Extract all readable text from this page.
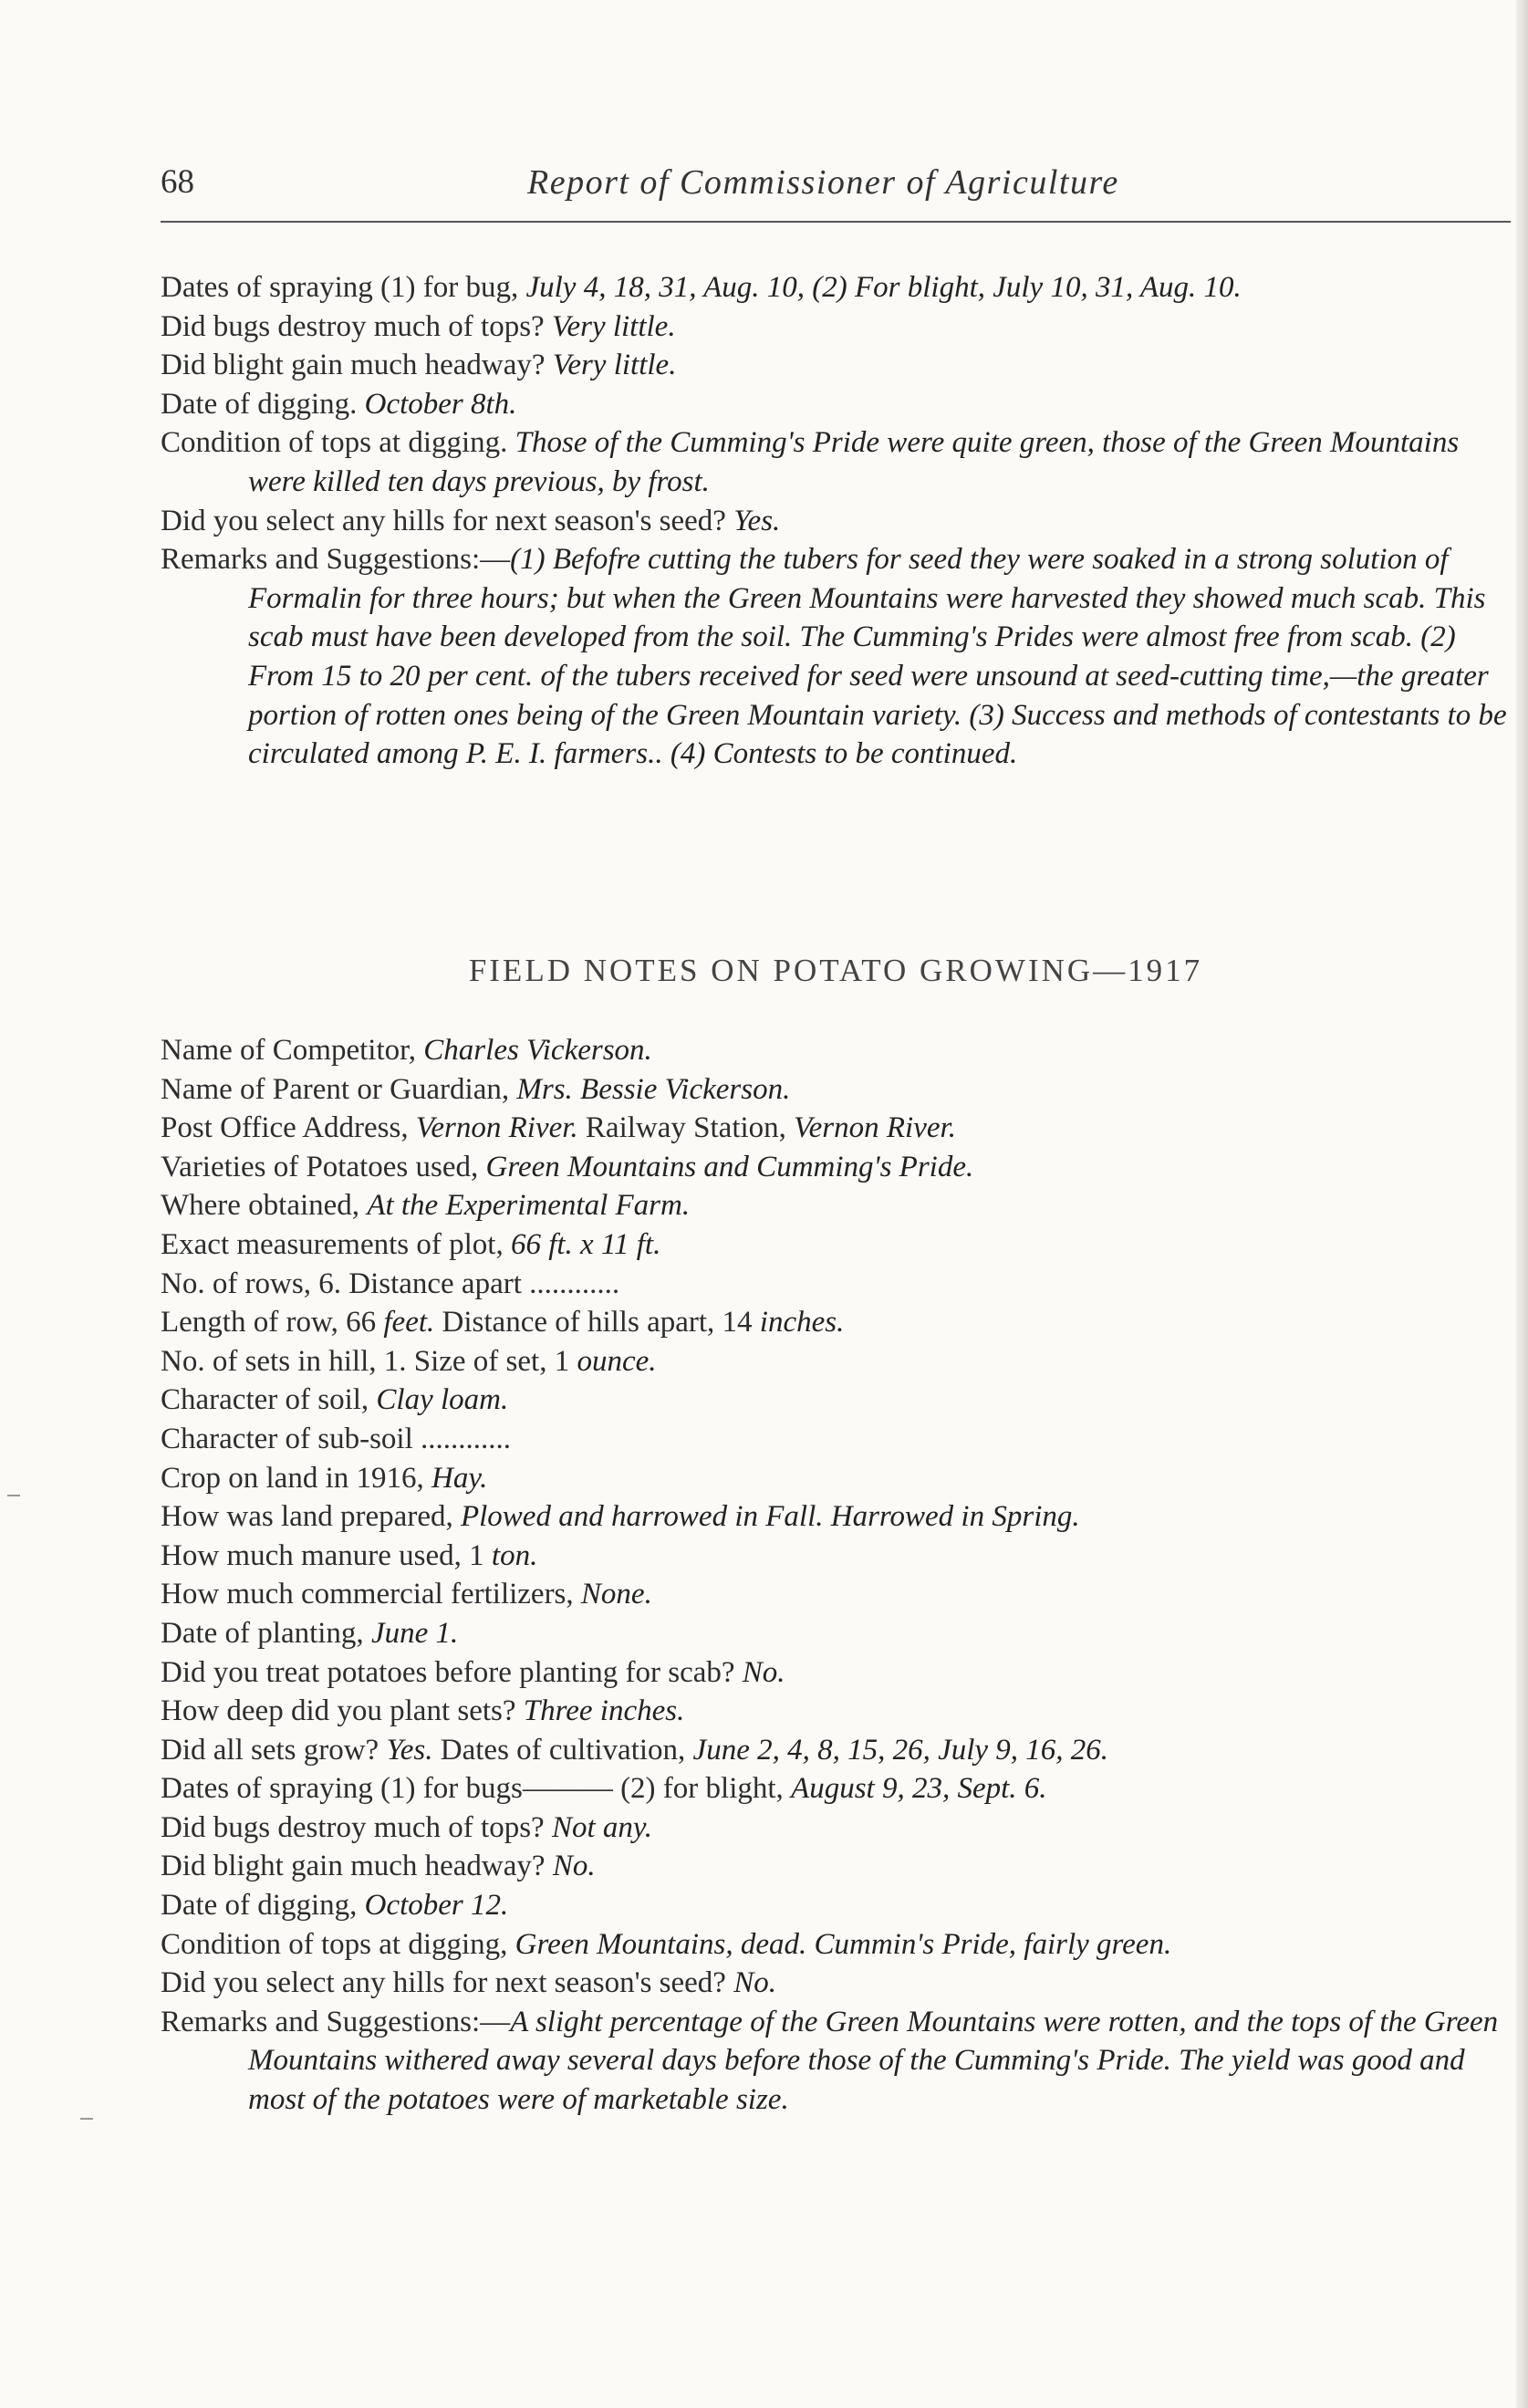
68	Report of Commissioner of Agriculture
Dates of spraying (1) for bug, July 4, 18, 31, Aug. 10, (2) For blight, July 10, 31, Aug. 10.
Did bugs destroy much of tops? Very little.
Did blight gain much headway? Very little.
Date of digging. October 8th.
Condition of tops at digging. Those of the Cumming's Pride were quite green, those of the Green Mountains were killed ten days previous, by frost.
Did you select any hills for next season's seed? Yes.
Remarks and Suggestions:—(1) Befofre cutting the tubers for seed they were soaked in a strong solution of Formalin for three hours; but when the Green Mountains were harvested they showed much scab. This scab must have been developed from the soil. The Cumming's Prides were almost free from scab. (2) From 15 to 20 per cent. of the tubers received for seed were unsound at seed-cutting time,—the greater portion of rotten ones being of the Green Mountain variety. (3) Success and methods of contestants to be circulated among P. E. I. farmers.. (4) Contests to be continued.
FIELD NOTES ON POTATO GROWING—1917
Name of Competitor, Charles Vickerson.
Name of Parent or Guardian, Mrs. Bessie Vickerson.
Post Office Address, Vernon River. Railway Station, Vernon River.
Varieties of Potatoes used, Green Mountains and Cumming's Pride.
Where obtained, At the Experimental Farm.
Exact measurements of plot, 66 ft. x 11 ft.
No. of rows, 6. Distance apart ............
Length of row, 66 feet. Distance of hills apart, 14 inches.
No. of sets in hill, 1. Size of set, 1 ounce.
Character of soil, Clay loam.
Character of sub-soil ............
Crop on land in 1916, Hay.
How was land prepared, Plowed and harrowed in Fall. Harrowed in Spring.
How much manure used, 1 ton.
How much commercial fertilizers, None.
Date of planting, June 1.
Did you treat potatoes before planting for scab? No.
How deep did you plant sets? Three inches.
Did all sets grow? Yes. Dates of cultivation, June 2, 4, 8, 15, 26, July 9, 16, 26.
Dates of spraying (1) for bugs——— (2) for blight, August 9, 23, Sept. 6.
Did bugs destroy much of tops? Not any.
Did blight gain much headway? No.
Date of digging, October 12.
Condition of tops at digging, Green Mountains, dead. Cummin's Pride, fairly green.
Did you select any hills for next season's seed? No.
Remarks and Suggestions:—A slight percentage of the Green Mountains were rotten, and the tops of the Green Mountains withered away several days before those of the Cumming's Pride. The yield was good and most of the potatoes were of marketable size.
